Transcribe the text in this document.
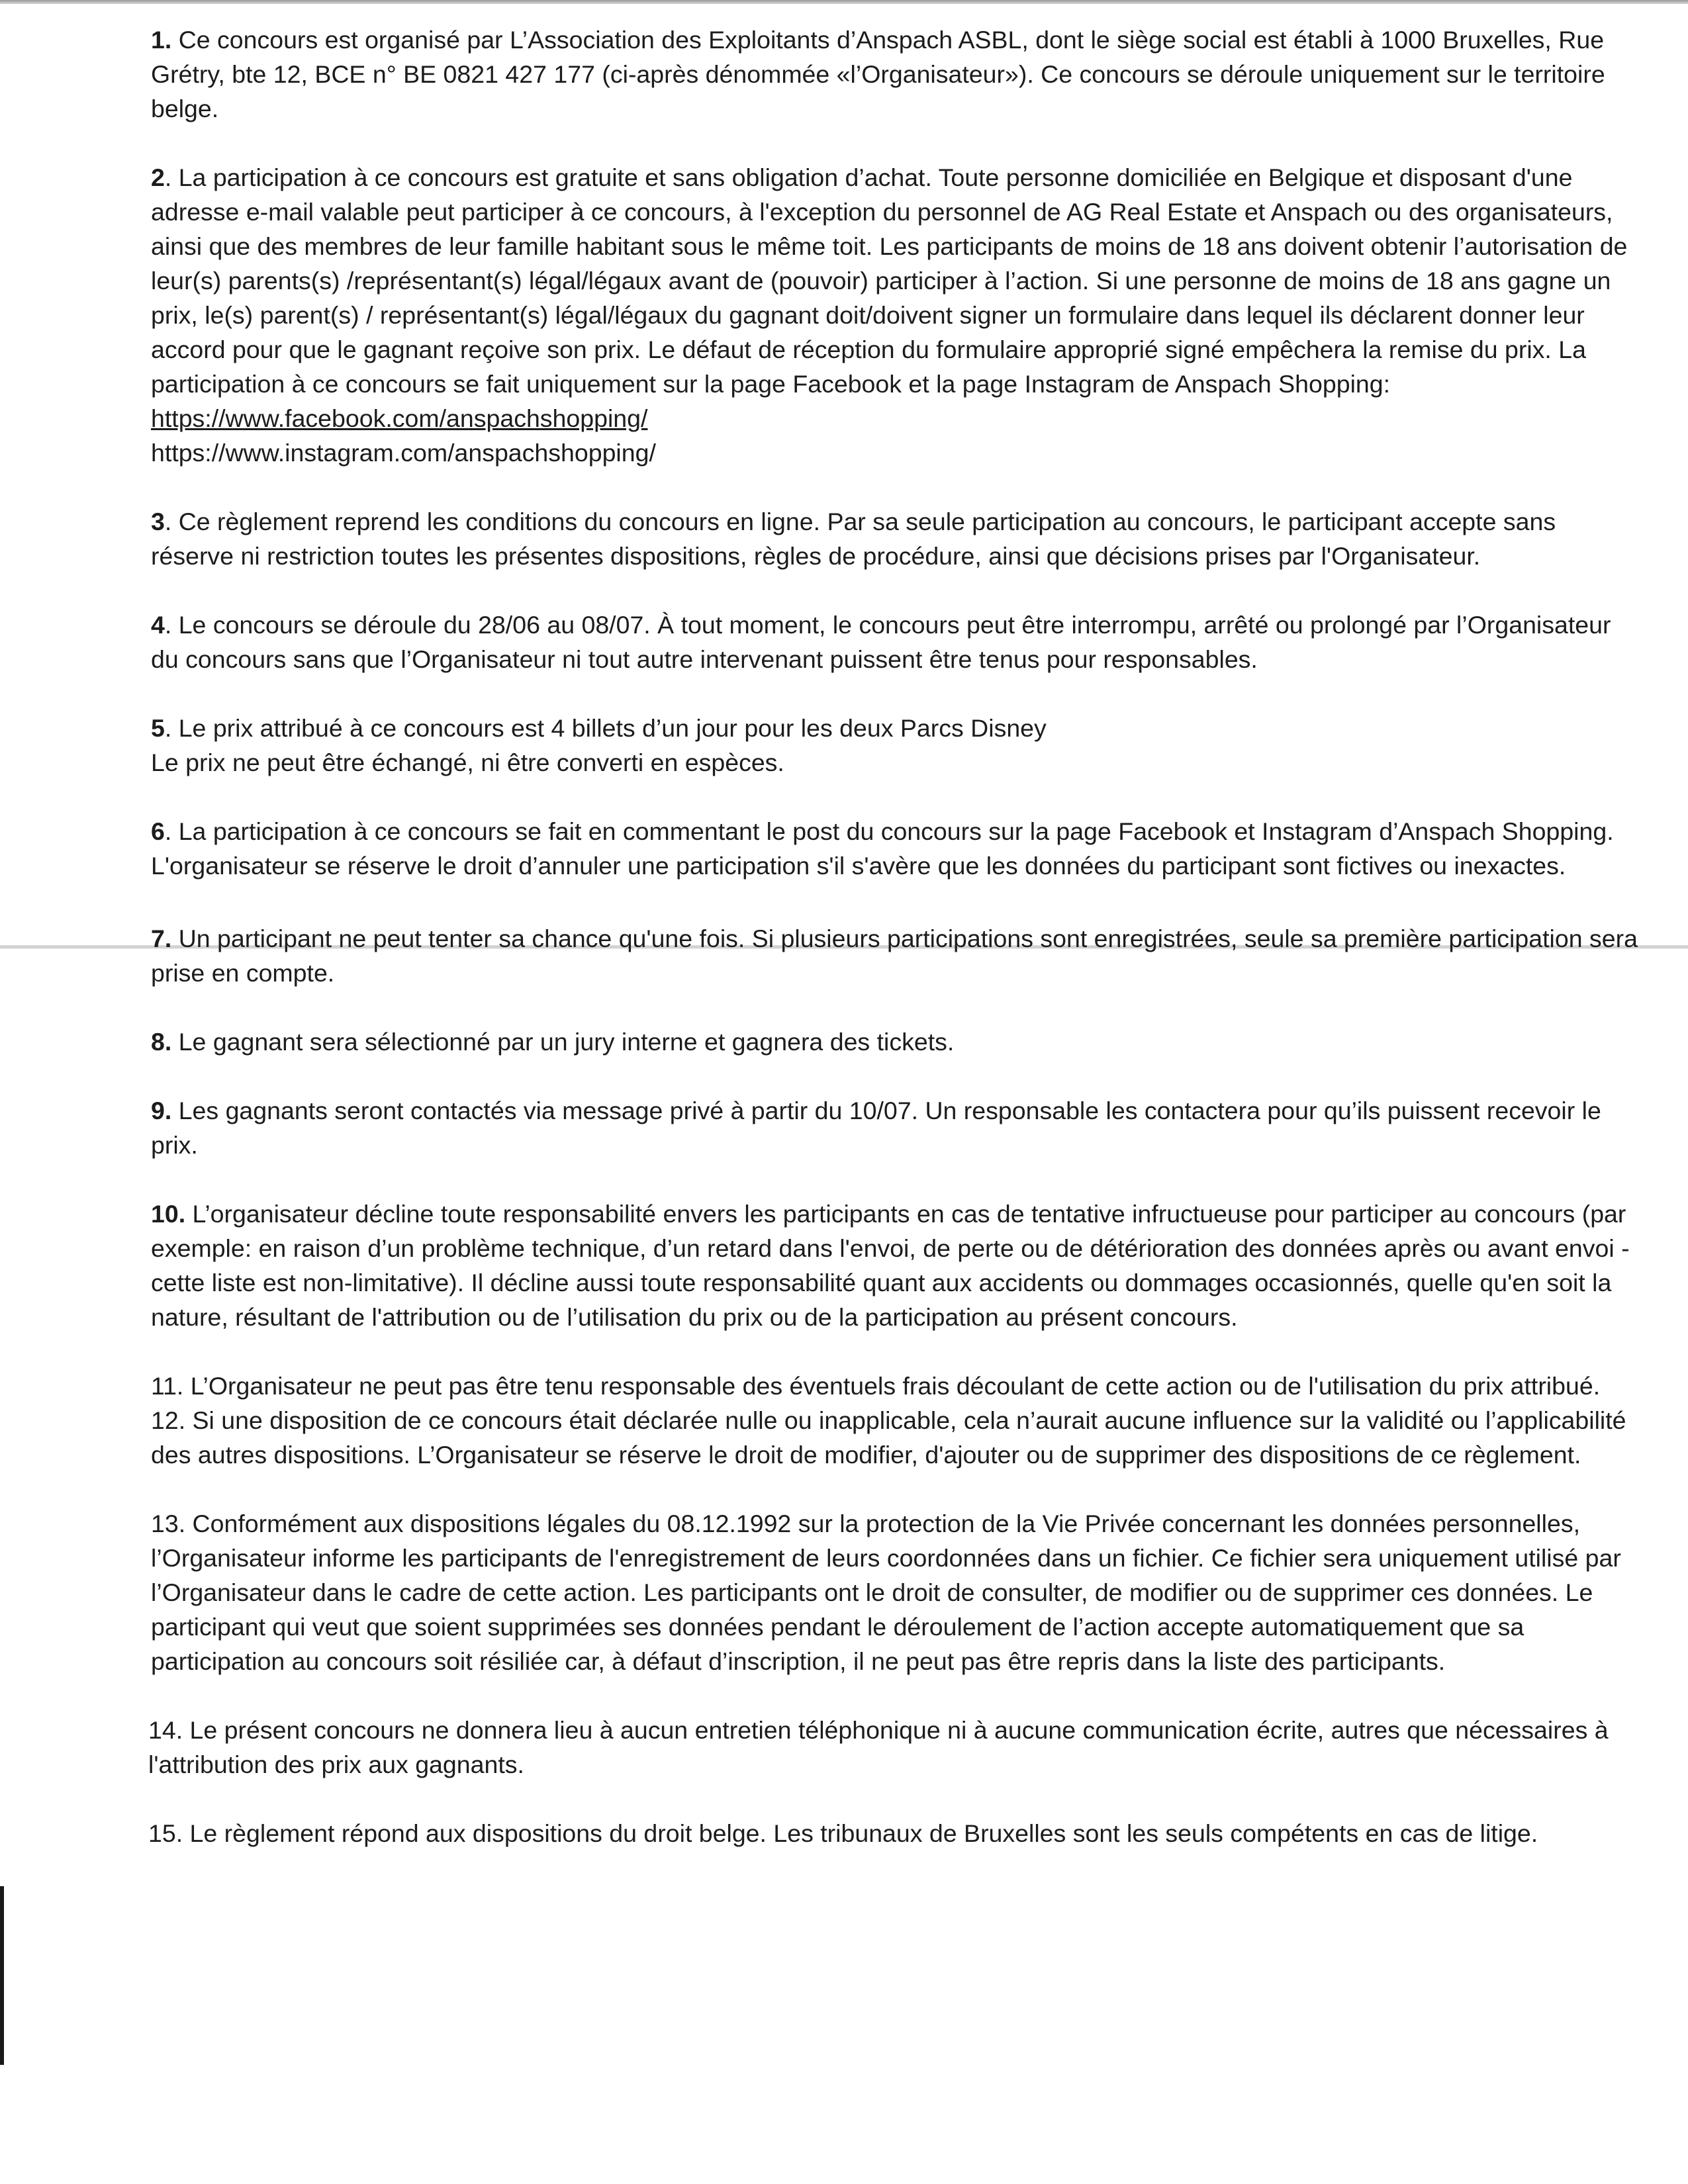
1. Ce concours est organisé par L’Association des Exploitants d’Anspach ASBL, dont le siège social est établi à 1000 Bruxelles, Rue Grétry, bte 12, BCE n° BE 0821 427 177 (ci-après dénommée «l’Organisateur»). Ce concours se déroule uniquement sur le territoire belge.

2. La participation à ce concours est gratuite et sans obligation d’achat. Toute personne domiciliée en Belgique et disposant d'une adresse e-mail valable peut participer à ce concours, à l'exception du personnel de AG Real Estate et Anspach ou des organisateurs, ainsi que des membres de leur famille habitant sous le même toit. Les participants de moins de 18 ans doivent obtenir l’autorisation de leur(s) parents(s) /représentant(s) légal/légaux avant de (pouvoir) participer à l’action. Si une personne de moins de 18 ans gagne un prix, le(s) parent(s) / représentant(s) légal/légaux du gagnant doit/doivent signer un formulaire dans lequel ils déclarent donner leur accord pour que le gagnant reçoive son prix. Le défaut de réception du formulaire approprié signé empêchera la remise du prix. La participation à ce concours se fait uniquement sur la page Facebook et la page Instagram de Anspach Shopping: https://www.facebook.com/anspachshopping/
https://www.instagram.com/anspachshopping/

3. Ce règlement reprend les conditions du concours en ligne. Par sa seule participation au concours, le participant accepte sans réserve ni restriction toutes les présentes dispositions, règles de procédure, ainsi que décisions prises par l'Organisateur.

4. Le concours se déroule du 28/06 au 08/07. À tout moment, le concours peut être interrompu, arrêté ou prolongé par l’Organisateur du concours sans que l’Organisateur ni tout autre intervenant puissent être tenus pour responsables.

5. Le prix attribué à ce concours est 4 billets d’un jour pour les deux Parcs Disney
Le prix ne peut être échangé, ni être converti en espèces.

6. La participation à ce concours se fait en commentant le post du concours sur la page Facebook et Instagram d’Anspach Shopping. L'organisateur se réserve le droit d’annuler une participation s'il s'avère que les données du participant sont fictives ou inexactes.

7. Un participant ne peut tenter sa chance qu'une fois. Si plusieurs participations sont enregistrées, seule sa première participation sera prise en compte.

8. Le gagnant sera sélectionné par un jury interne et gagnera des tickets.

9. Les gagnants seront contactés via message privé à partir du 10/07. Un responsable les contactera pour qu’ils puissent recevoir le prix.

10. L’organisateur décline toute responsabilité envers les participants en cas de tentative infructueuse pour participer au concours (par exemple: en raison d’un problème technique, d’un retard dans l'envoi, de perte ou de détérioration des données après ou avant envoi - cette liste est non-limitative). Il décline aussi toute responsabilité quant aux accidents ou dommages occasionnés, quelle qu'en soit la nature, résultant de l'attribution ou de l’utilisation du prix ou de la participation au présent concours.

11. L’Organisateur ne peut pas être tenu responsable des éventuels frais découlant de cette action ou de l'utilisation du prix attribué.

12. Si une disposition de ce concours était déclarée nulle ou inapplicable, cela n’aurait aucune influence sur la validité ou l’applicabilité des autres dispositions. L’Organisateur se réserve le droit de modifier, d'ajouter ou de supprimer des dispositions de ce règlement.

13. Conformément aux dispositions légales du 08.12.1992 sur la protection de la Vie Privée concernant les données personnelles, l’Organisateur informe les participants de l'enregistrement de leurs coordonnées dans un fichier. Ce fichier sera uniquement utilisé par l’Organisateur dans le cadre de cette action. Les participants ont le droit de consulter, de modifier ou de supprimer ces données. Le participant qui veut que soient supprimées ses données pendant le déroulement de l’action accepte automatiquement que sa participation au concours soit résiliée car, à défaut d’inscription, il ne peut pas être repris dans la liste des participants.

14. Le présent concours ne donnera lieu à aucun entretien téléphonique ni à aucune communication écrite, autres que nécessaires à l'attribution des prix aux gagnants.

15. Le règlement répond aux dispositions du droit belge. Les tribunaux de Bruxelles sont les seuls compétents en cas de litige.
